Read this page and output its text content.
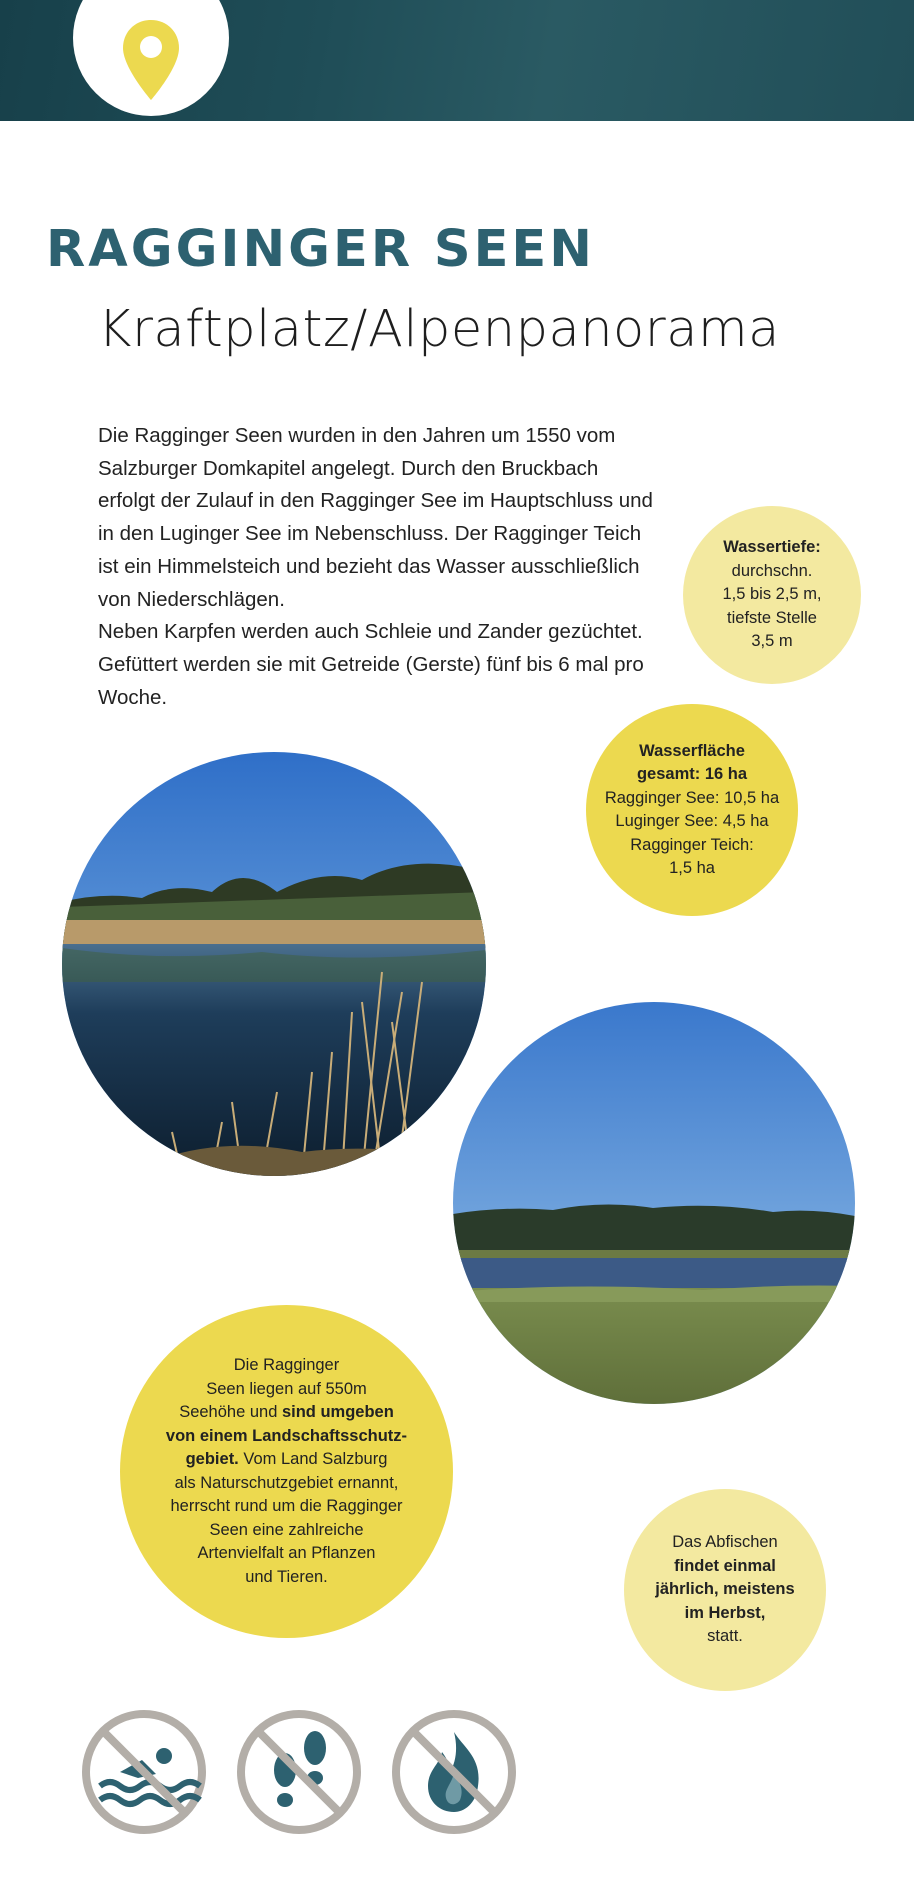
RAGGINGER SEEN
Kraftplatz/Alpenpanorama

Die Ragginger Seen wurden in den Jahren um 1550 vom Salzburger Domkapitel angelegt. Durch den Bruckbach erfolgt der Zulauf in den Ragginger See im Hauptschluss und in den Luginger See im Nebenschluss. Der Ragginger Teich ist ein Himmelsteich und bezieht das Wasser ausschließlich von Niederschlägen.

Neben Karpfen werden auch Schleie und Zander gezüchtet. Gefüttert werden sie mit Getreide (Gerste) fünf bis 6 mal pro Woche.

Wassertiefe:
durchschn.
1,5 bis 2,5 m,
tiefste Stelle
3,5 m
Wasserfläche
gesamt: 16 ha
Ragginger See: 10,5 ha
Luginger See: 4,5 ha
Ragginger Teich:
1,5 ha
Die Ragginger
Seen liegen auf 550m
Seehöhe und sind umgeben
von einem Landschaftsschutz-
gebiet. Vom Land Salzburg
als Naturschutzgebiet ernannt,
herrscht rund um die Ragginger
Seen eine zahlreiche
Artenvielfalt an Pflanzen
und Tieren.
Das Abfischen
findet einmal
jährlich, meistens
im Herbst,
statt.
